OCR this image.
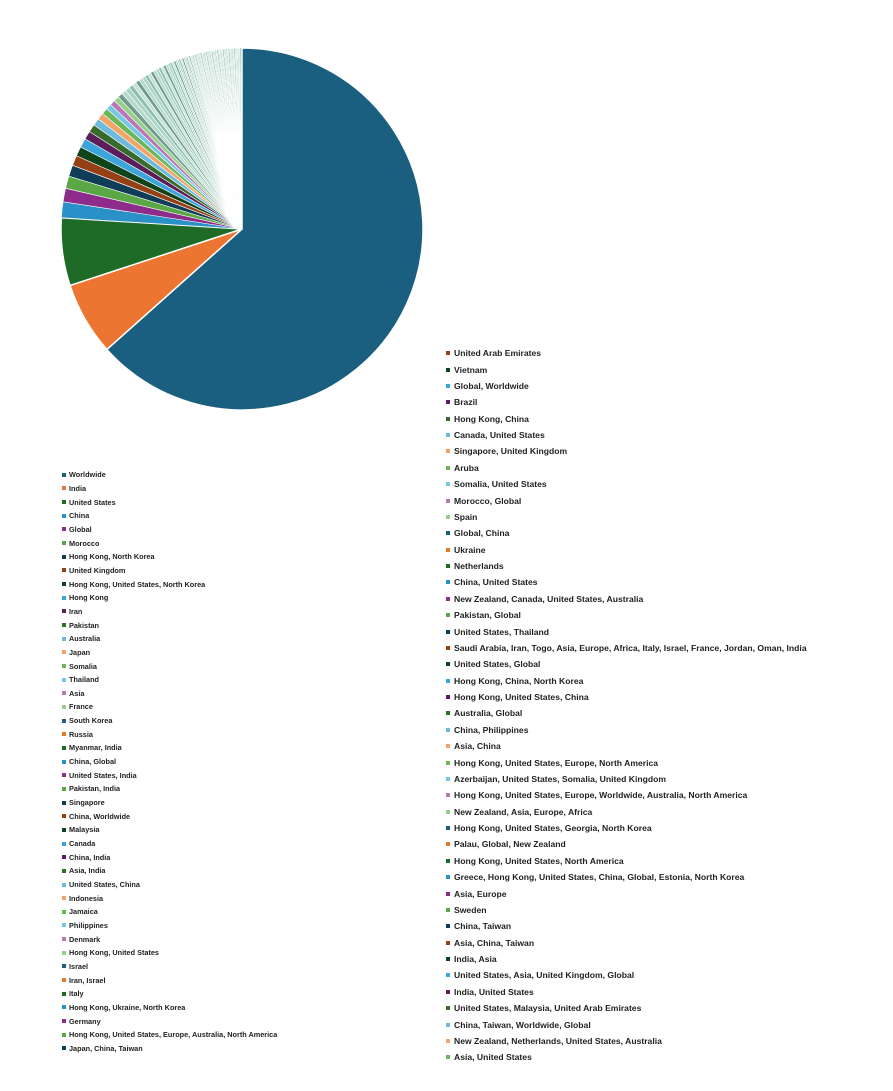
Worldwide
India
United States
China
Global
Morocco
Hong Kong, North Korea
United Kingdom
Hong Kong, United States, North Korea
Hong Kong
Iran
Pakistan
Australia
Japan
Somalia
Thailand
Asia
France
South Korea
Russia
Myanmar, India
China, Global
United States, India
Pakistan, India
Singapore
China, Worldwide
Malaysia
Canada
China, India
Asia, India
United States, China
Indonesia
Jamaica
Philippines
Denmark
Hong Kong, United States
Israel
Iran, Israel
Italy
Hong Kong, Ukraine, North Korea
Germany
Hong Kong, United States, Europe, Australia, North America
Japan, China, Taiwan
United Arab Emirates
Vietnam
Global, Worldwide
Brazil
Hong Kong, China
Canada, United States
Singapore, United Kingdom
Aruba
Somalia, United States
Morocco, Global
Spain
Global, China
Ukraine
Netherlands
China, United States
New Zealand, Canada, United States, Australia
Pakistan, Global
United States, Thailand
Saudi Arabia, Iran, Togo, Asia, Europe, Africa, Italy, Israel, France, Jordan, Oman, India
United States, Global
Hong Kong, China, North Korea
Hong Kong, United States, China
Australia, Global
China, Philippines
Asia, China
Hong Kong, United States, Europe, North America
Azerbaijan, United States, Somalia, United Kingdom
Hong Kong, United States, Europe, Worldwide, Australia, North America
New Zealand, Asia, Europe, Africa
Hong Kong, United States, Georgia, North Korea
Palau, Global, New Zealand
Hong Kong, United States, North America
Greece, Hong Kong, United States, China, Global, Estonia, North Korea
Asia, Europe
Sweden
China, Taiwan
Asia, China, Taiwan
India, Asia
United States, Asia, United Kingdom, Global
India, United States
United States, Malaysia, United Arab Emirates
China, Taiwan, Worldwide, Global
New Zealand, Netherlands, United States, Australia
Asia, United States
